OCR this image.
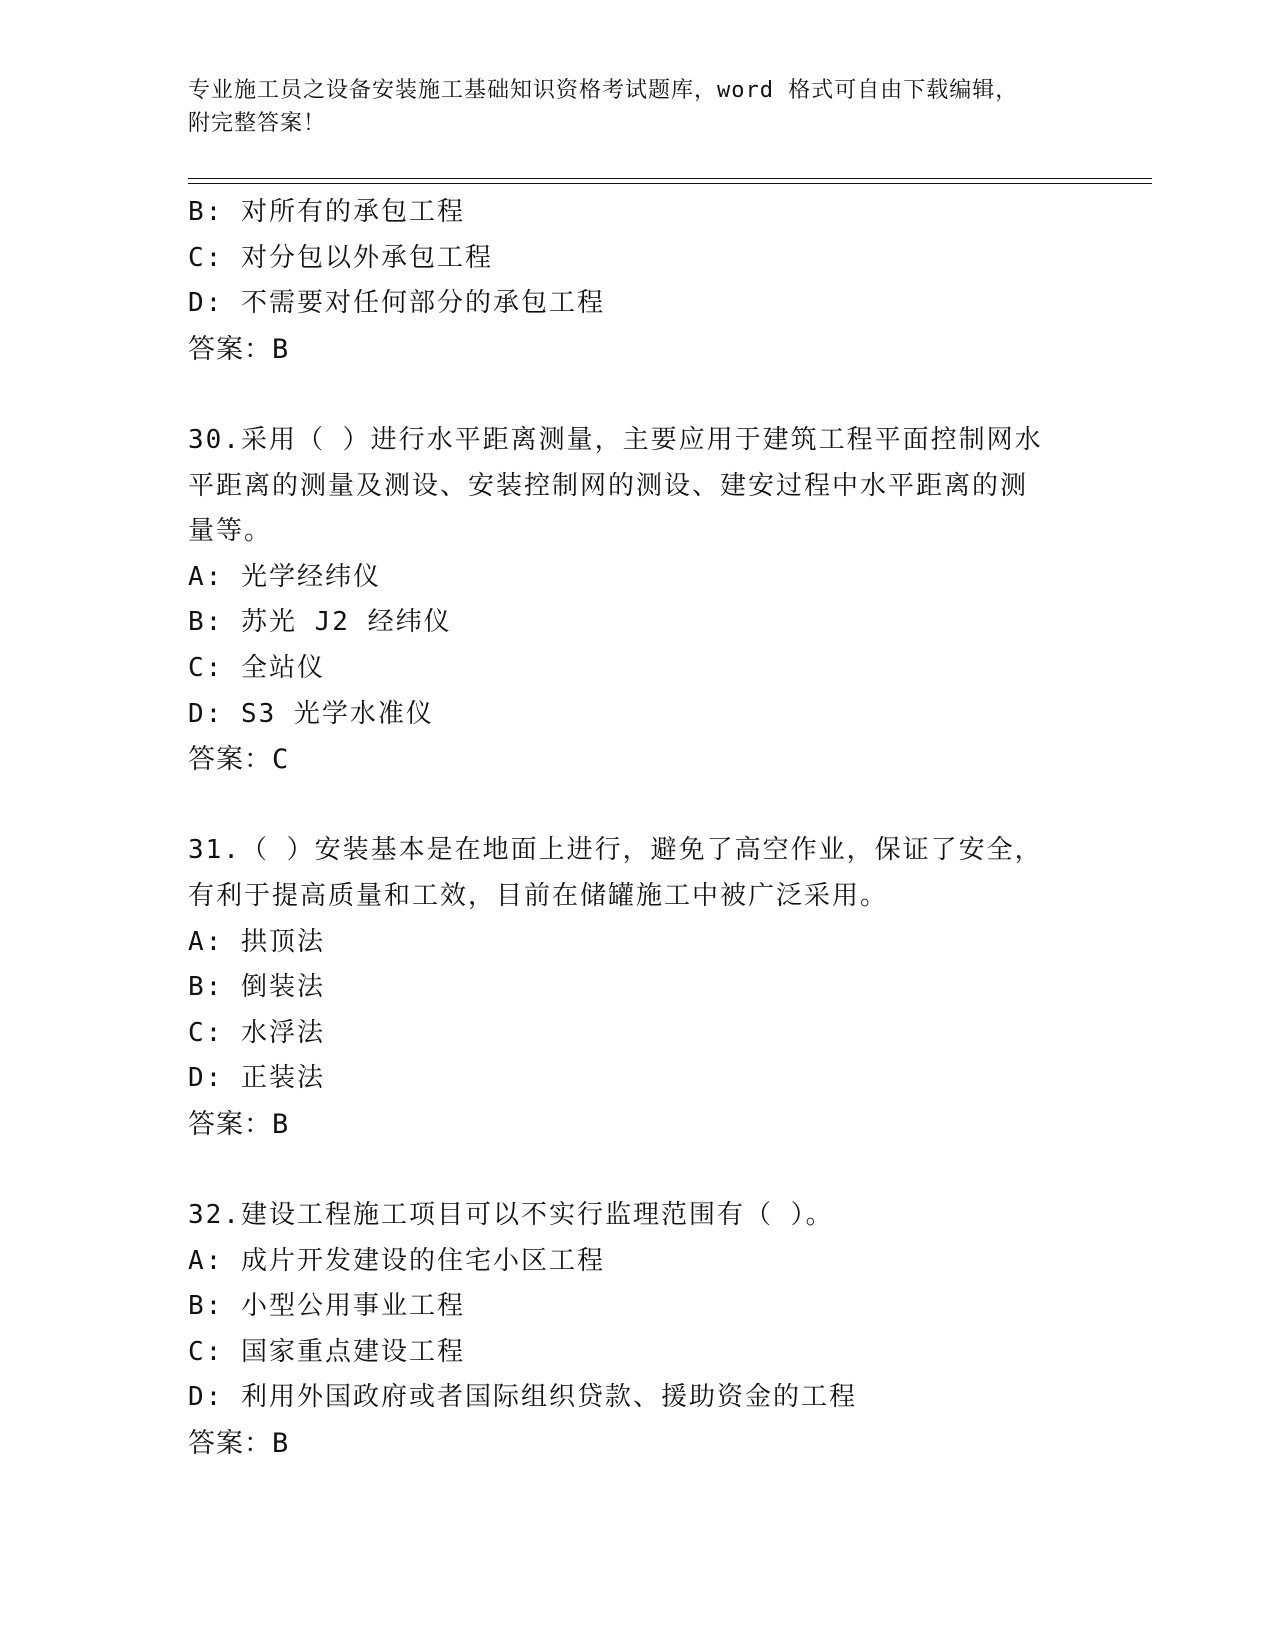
专业施工员之设备安装施工基础知识资格考试题库，word 格式可自由下载编辑，
附完整答案！
B: 对所有的承包工程
C: 对分包以外承包工程
D: 不需要对任何部分的承包工程
答案：B
30.采用（ ）进行水平距离测量，主要应用于建筑工程平面控制网水
平距离的测量及测设、安装控制网的测设、建安过程中水平距离的测
量等。
A: 光学经纬仪
B: 苏光 J2 经纬仪
C: 全站仪
D: S3 光学水准仪
答案：C
31.（ ）安装基本是在地面上进行，避免了高空作业，保证了安全，
有利于提高质量和工效，目前在储罐施工中被广泛采用。
A: 拱顶法
B: 倒装法
C: 水浮法
D: 正装法
答案：B
32.建设工程施工项目可以不实行监理范围有（ ）。
A: 成片开发建设的住宅小区工程
B: 小型公用事业工程
C: 国家重点建设工程
D: 利用外国政府或者国际组织贷款、援助资金的工程
答案：B
